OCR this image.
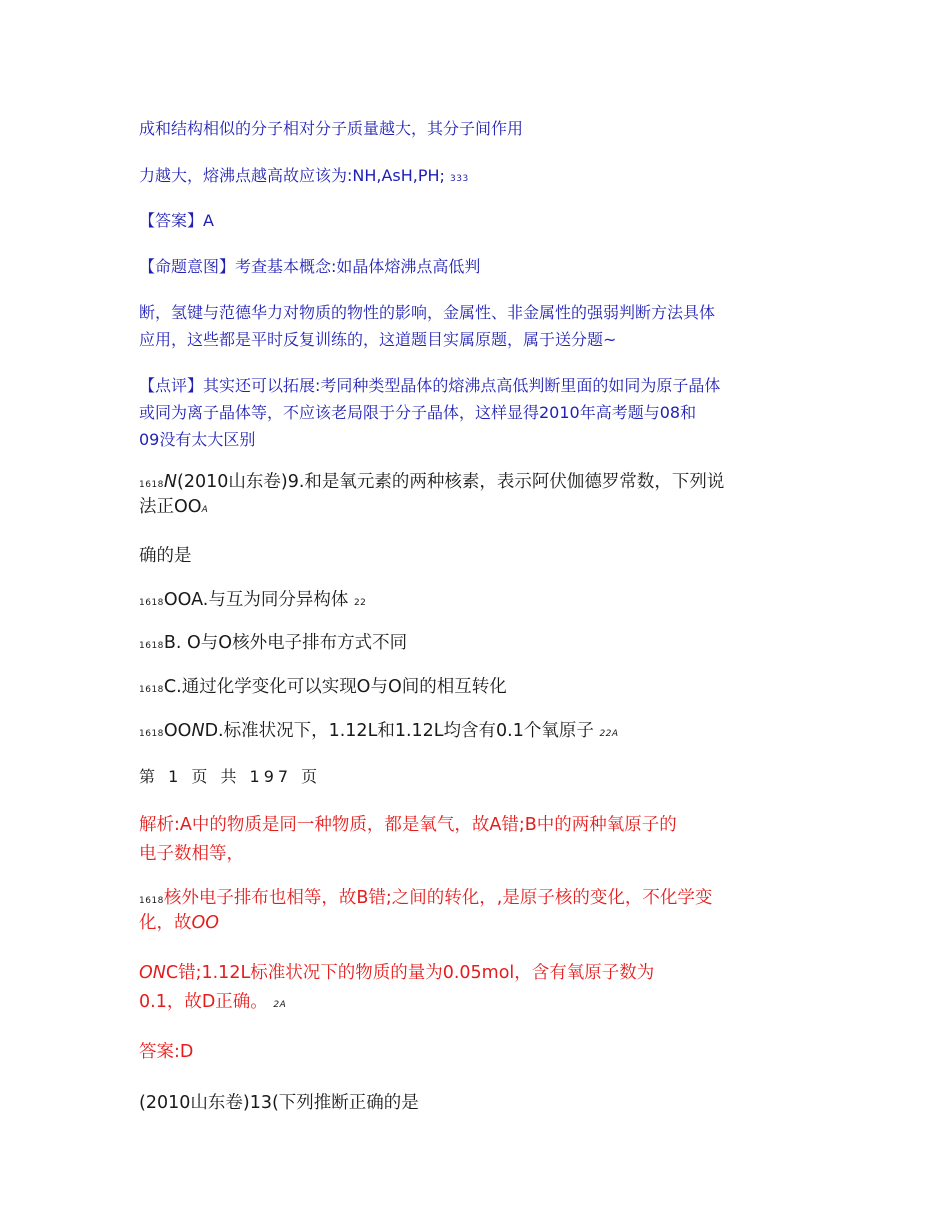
成和结构相似的分子相对分子质量越大，其分子间作用

力越大，熔沸点越高故应该为:NH,AsH,PH; 333

【答案】A

【命题意图】考查基本概念:如晶体熔沸点高低判

断，氢键与范德华力对物质的物性的影响，金属性、非金属性的强弱判断方法具体

应用，这些都是平时反复训练的，这道题目实属原题，属于送分题~

【点评】其实还可以拓展:考同种类型晶体的熔沸点高低判断里面的如同为原子晶体

或同为离子晶体等，不应该老局限于分子晶体，这样显得2010年高考题与08和

09没有太大区别

1618N(2010山东卷)9.和是氧元素的两种核素，表示阿伏伽德罗常数，下列说

法正OOA

确的是

1618OOA.与互为同分异构体 22

1618B. O与O核外电子排布方式不同

1618C.通过化学变化可以实现O与O间的相互转化

1618OOND.标准状况下，1.12L和1.12L均含有0.1个氧原子 22A

第 1 页 共 197 页

解析:A中的物质是同一种物质，都是氧气，故A错;B中的两种氧原子的

电子数相等，

1618核外电子排布也相等，故B错;之间的转化，,是原子核的变化，不化学变

化，故OO

ONC错;1.12L标准状况下的物质的量为0.05mol，含有氧原子数为

0.1，故D正确。 2A

答案:D

(2010山东卷)13(下列推断正确的是
